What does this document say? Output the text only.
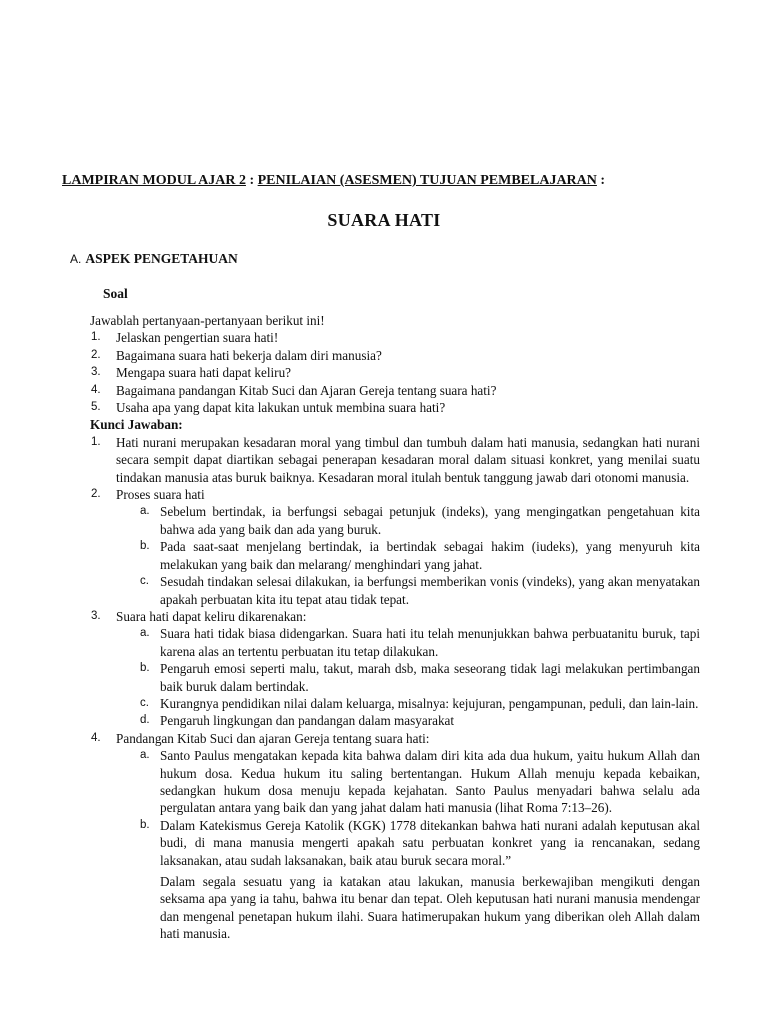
LAMPIRAN MODUL AJAR 2 : PENILAIAN (ASESMEN) TUJUAN PEMBELAJARAN :
SUARA HATI
A. ASPEK PENGETAHUAN
Soal

Jawablah pertanyaan-pertanyaan berikut ini!

1. Jelaskan pengertian suara hati!
2. Bagaimana suara hati bekerja dalam diri manusia?
3. Mengapa suara hati dapat keliru?
4. Bagaimana pandangan Kitab Suci dan Ajaran Gereja tentang suara hati?
5. Usaha apa yang dapat kita lakukan untuk membina suara hati?

Kunci Jawaban:

1. Hati nurani merupakan kesadaran moral yang timbul dan tumbuh dalam hati manusia, sedangkan hati nurani secara sempit dapat diartikan sebagai penerapan kesadaran moral dalam situasi konkret, yang menilai suatu tindakan manusia atas buruk baiknya. Kesadaran moral itulah bentuk tanggung jawab dari otonomi manusia.
2. Proses suara hati
a. Sebelum bertindak, ia berfungsi sebagai petunjuk (indeks), yang mengingatkan pengetahuan kita bahwa ada yang baik dan ada yang buruk.
b. Pada saat-saat menjelang bertindak, ia bertindak sebagai hakim (iudeks), yang menyuruh kita melakukan yang baik dan melarang/ menghindari yang jahat.
c. Sesudah tindakan selesai dilakukan, ia berfungsi memberikan vonis (vindeks), yang akan menyatakan apakah perbuatan kita itu tepat atau tidak tepat.
3. Suara hati dapat keliru dikarenakan:
a. Suara hati tidak biasa didengarkan. Suara hati itu telah menunjukkan bahwa perbuatanitu buruk, tapi karena alas an tertentu perbuatan itu tetap dilakukan.
b. Pengaruh emosi seperti malu, takut, marah dsb, maka seseorang tidak lagi melakukan pertimbangan baik buruk dalam bertindak.
c. Kurangnya pendidikan nilai dalam keluarga, misalnya: kejujuran, pengampunan, peduli, dan lain-lain.
d. Pengaruh lingkungan dan pandangan dalam masyarakat
4. Pandangan Kitab Suci dan ajaran Gereja tentang suara hati:
a. Santo Paulus mengatakan kepada kita bahwa dalam diri kita ada dua hukum, yaitu hukum Allah dan hukum dosa. Kedua hukum itu saling bertentangan. Hukum Allah menuju kepada kebaikan, sedangkan hukum dosa menuju kepada kejahatan. Santo Paulus menyadari bahwa selalu ada pergulatan antara yang baik dan yang jahat dalam hati manusia (lihat Roma 7:13–26).
b. Dalam Katekismus Gereja Katolik (KGK) 1778 ditekankan bahwa hati nurani adalah keputusan akal budi, di mana manusia mengerti apakah satu perbuatan konkret yang ia rencanakan, sedang laksanakan, atau sudah laksanakan, baik atau buruk secara moral.”
Dalam segala sesuatu yang ia katakan atau lakukan, manusia berkewajiban mengikuti dengan seksama apa yang ia tahu, bahwa itu benar dan tepat. Oleh keputusan hati nurani manusia mendengar dan mengenal penetapan hukum ilahi. Suara hatimerupakan hukum yang diberikan oleh Allah dalam hati manusia.
